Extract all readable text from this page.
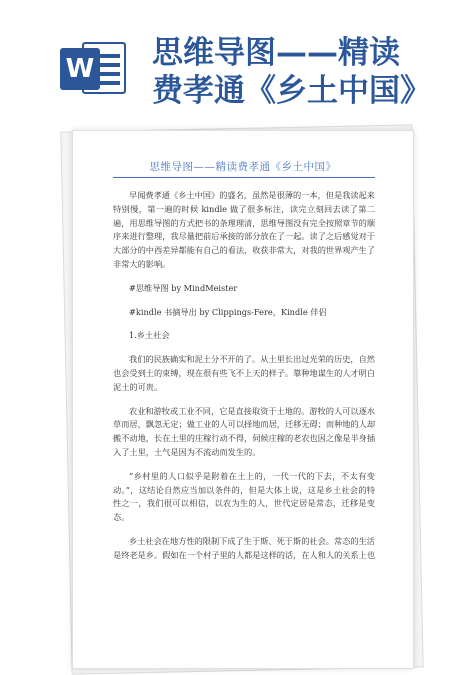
W 思维导图——精读
费孝通《乡土中国》
思维导图——精读费孝通《乡土中国》

早闻费孝通《乡土中国》的盛名，虽然是很薄的一本，但是我读起来特别慢，第一遍的时候 kindle 做了很多标注，读完立刻回去读了第二遍，用思维导图的方式把书的条理理清，思维导图没有完全按照章节的顺序来进行整理，我尽量把前后承接的部分放在了一起。读了之后感觉对于大部分的中西差异都能有自己的看法，收获非常大，对我的世界观产生了非常大的影响。

#思维导图 by MindMeister

#kindle 书摘导出 by Clippings-Fere，Kindle 伴侣

1.乡土社会

我们的民族确实和泥土分不开的了。从土里长出过光荣的历史，自然也会受到土的束缚，现在很有些飞不上天的样子。靠种地谋生的人才明白泥土的可贵。

农业和游牧或工业不同，它是直接取资于土地的。游牧的人可以逐水草而居，飘忽无定；做工业的人可以择地而居，迁移无碍；而种地的人却搬不动地，长在土里的庄稼行动不得，伺候庄稼的老农也因之像是半身插入了土里，土气是因为不流动而发生的。

“乡村里的人口似乎是附着在土上的，一代一代的下去，不太有变动。”，这结论自然应当加以条件的，但是大体上说，这是乡土社会的特性之一，我们很可以相信，以农为生的人，世代定居是常态，迁移是变态。

乡土社会在地方性的限制下成了生于斯、死于斯的社会。常态的生活是终老是乡。假如在一个村子里的人都是这样的话，在人和人的关系上也
